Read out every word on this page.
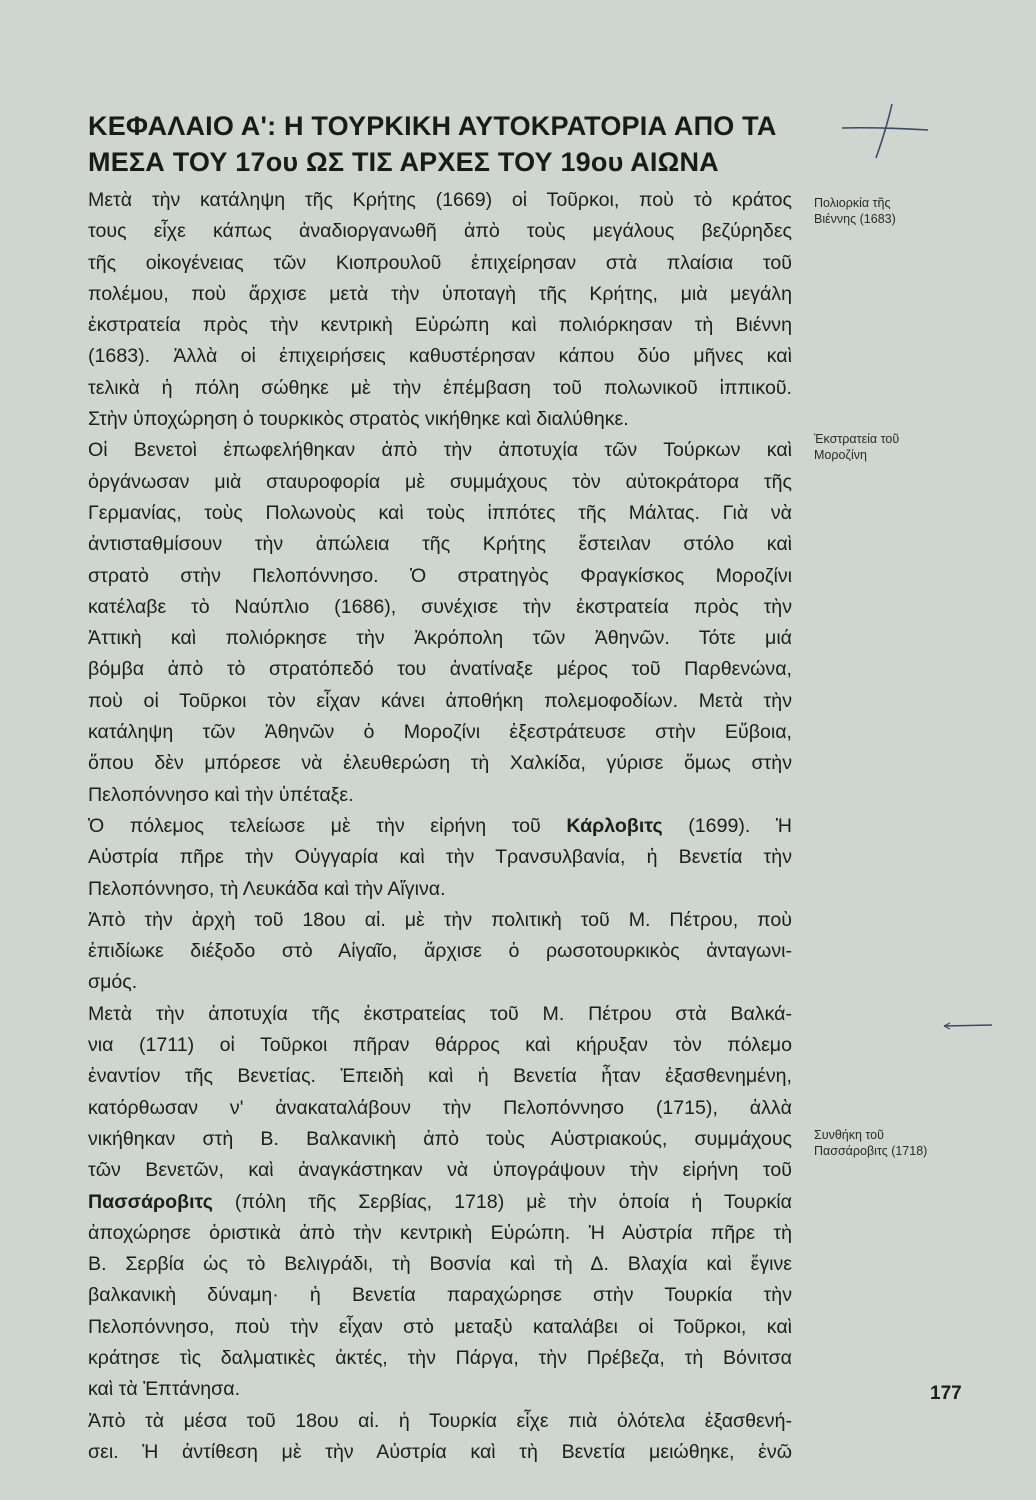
ΚΕΦΑΛΑΙΟ Α': Η ΤΟΥΡΚΙΚΗ ΑΥΤΟΚΡΑΤΟΡΙΑ ΑΠΟ ΤΑ
ΜΕΣΑ ΤΟΥ 17ου ΩΣ ΤΙΣ ΑΡΧΕΣ ΤΟΥ 19ου ΑΙΩΝΑ
Μετὰ τὴν κατάληψη τῆς Κρήτης (1669) οἱ Τοῦρκοι, ποὺ τὸ κράτος
τους εἶχε κάπως ἀναδιοργανωθῆ ἀπὸ τοὺς μεγάλους βεζύρηδες
τῆς οἰκογένειας τῶν Κιοπρουλοῦ ἐπιχείρησαν στὰ πλαίσια τοῦ
πολέμου, ποὺ ἄρχισε μετὰ τὴν ὑποταγὴ τῆς Κρήτης, μιὰ μεγάλη
ἐκστρατεία πρὸς τὴν κεντρικὴ Εὐρώπη καὶ πολιόρκησαν τὴ Βιέννη
(1683). Ἀλλὰ οἱ ἐπιχειρήσεις καθυστέρησαν κάπου δύο μῆνες καὶ
τελικὰ ἡ πόλη σώθηκε μὲ τὴν ἐπέμβαση τοῦ πολωνικοῦ ἱππικοῦ.
Στὴν ὑποχώρηση ὁ τουρκικὸς στρατὸς νικήθηκε καὶ διαλύθηκε.
Οἱ Βενετοὶ ἐπωφελήθηκαν ἀπὸ τὴν ἀποτυχία τῶν Τούρκων καὶ
ὀργάνωσαν μιὰ σταυροφορία μὲ συμμάχους τὸν αὐτοκράτορα τῆς
Γερμανίας, τοὺς Πολωνοὺς καὶ τοὺς ἱππότες τῆς Μάλτας. Γιὰ νὰ
ἀντισταθμίσουν τὴν ἀπώλεια τῆς Κρήτης ἔστειλαν στόλο καὶ
στρατὸ στὴν Πελοπόννησο. Ὁ στρατηγὸς Φραγκίσκος Μοροζίνι
κατέλαβε τὸ Ναύπλιο (1686), συνέχισε τὴν ἐκστρατεία πρὸς τὴν
Ἀττικὴ καὶ πολιόρκησε τὴν Ἀκρόπολη τῶν Ἀθηνῶν. Τότε μιά
βόμβα ἀπὸ τὸ στρατόπεδό του ἀνατίναξε μέρος τοῦ Παρθενώνα,
ποὺ οἱ Τοῦρκοι τὸν εἶχαν κάνει ἀποθήκη πολεμοφοδίων. Μετὰ τὴν
κατάληψη τῶν Ἀθηνῶν ὁ Μοροζίνι ἐξεστράτευσε στὴν Εὔβοια,
ὅπου δὲν μπόρεσε νὰ ἐλευθερώση τὴ Χαλκίδα, γύρισε ὅμως στὴν
Πελοπόννησο καὶ τὴν ὑπέταξε.
Ὁ πόλεμος τελείωσε μὲ τὴν εἰρήνη τοῦ Κάρλοβιτς (1699). Ἡ
Αὐστρία πῆρε τὴν Οὐγγαρία καὶ τὴν Τρανσυλβανία, ἡ Βενετία τὴν
Πελοπόννησο, τὴ Λευκάδα καὶ τὴν Αἴγινα.
Ἀπὸ τὴν ἀρχὴ τοῦ 18ου αἰ. μὲ τὴν πολιτικὴ τοῦ Μ. Πέτρου, ποὺ
ἐπιδίωκε διέξοδο στὸ Αἰγαῖο, ἄρχισε ὁ ρωσοτουρκικὸς ἀνταγωνι-
σμός.
Μετὰ τὴν ἀποτυχία τῆς ἐκστρατείας τοῦ Μ. Πέτρου στὰ Βαλκά-
νια (1711) οἱ Τοῦρκοι πῆραν θάρρος καὶ κήρυξαν τὸν πόλεμο
ἐναντίον τῆς Βενετίας. Ἐπειδὴ καὶ ἡ Βενετία ἦταν ἐξασθενημένη,
κατόρθωσαν ν' ἀνακαταλάβουν τὴν Πελοπόννησο (1715), ἀλλὰ
νικήθηκαν στὴ Β. Βαλκανικὴ ἀπὸ τοὺς Αὐστριακούς, συμμάχους
τῶν Βενετῶν, καὶ ἀναγκάστηκαν νὰ ὑπογράψουν τὴν εἰρήνη τοῦ
Πασσάροβιτς (πόλη τῆς Σερβίας, 1718) μὲ τὴν ὁποία ἡ Τουρκία
ἀποχώρησε ὁριστικὰ ἀπὸ τὴν κεντρικὴ Εὐρώπη. Ἡ Αὐστρία πῆρε τὴ
Β. Σερβία ὡς τὸ Βελιγράδι, τὴ Βοσνία καὶ τὴ Δ. Βλαχία καὶ ἔγινε
βαλκανικὴ δύναμη· ἡ Βενετία παραχώρησε στὴν Τουρκία τὴν
Πελοπόννησο, ποὺ τὴν εἶχαν στὸ μεταξὺ καταλάβει οἱ Τοῦρκοι, καὶ
κράτησε τὶς δαλματικὲς ἀκτές, τὴν Πάργα, τὴν Πρέβεζα, τὴ Βόνιτσα
καὶ τὰ Ἑπτάνησα.
Ἀπὸ τὰ μέσα τοῦ 18ου αἰ. ἡ Τουρκία εἶχε πιὰ ὁλότελα ἐξασθενή-
σει. Ἡ ἀντίθεση μὲ τὴν Αὐστρία καὶ τὴ Βενετία μειώθηκε, ἐνῶ
Πολιορκία τῆς
Βιέννης (1683)
Ἐκστρατεία τοῦ
Μοροζίνη
Συνθήκη τοῦ
Πασσάροβιτς (1718)
177
